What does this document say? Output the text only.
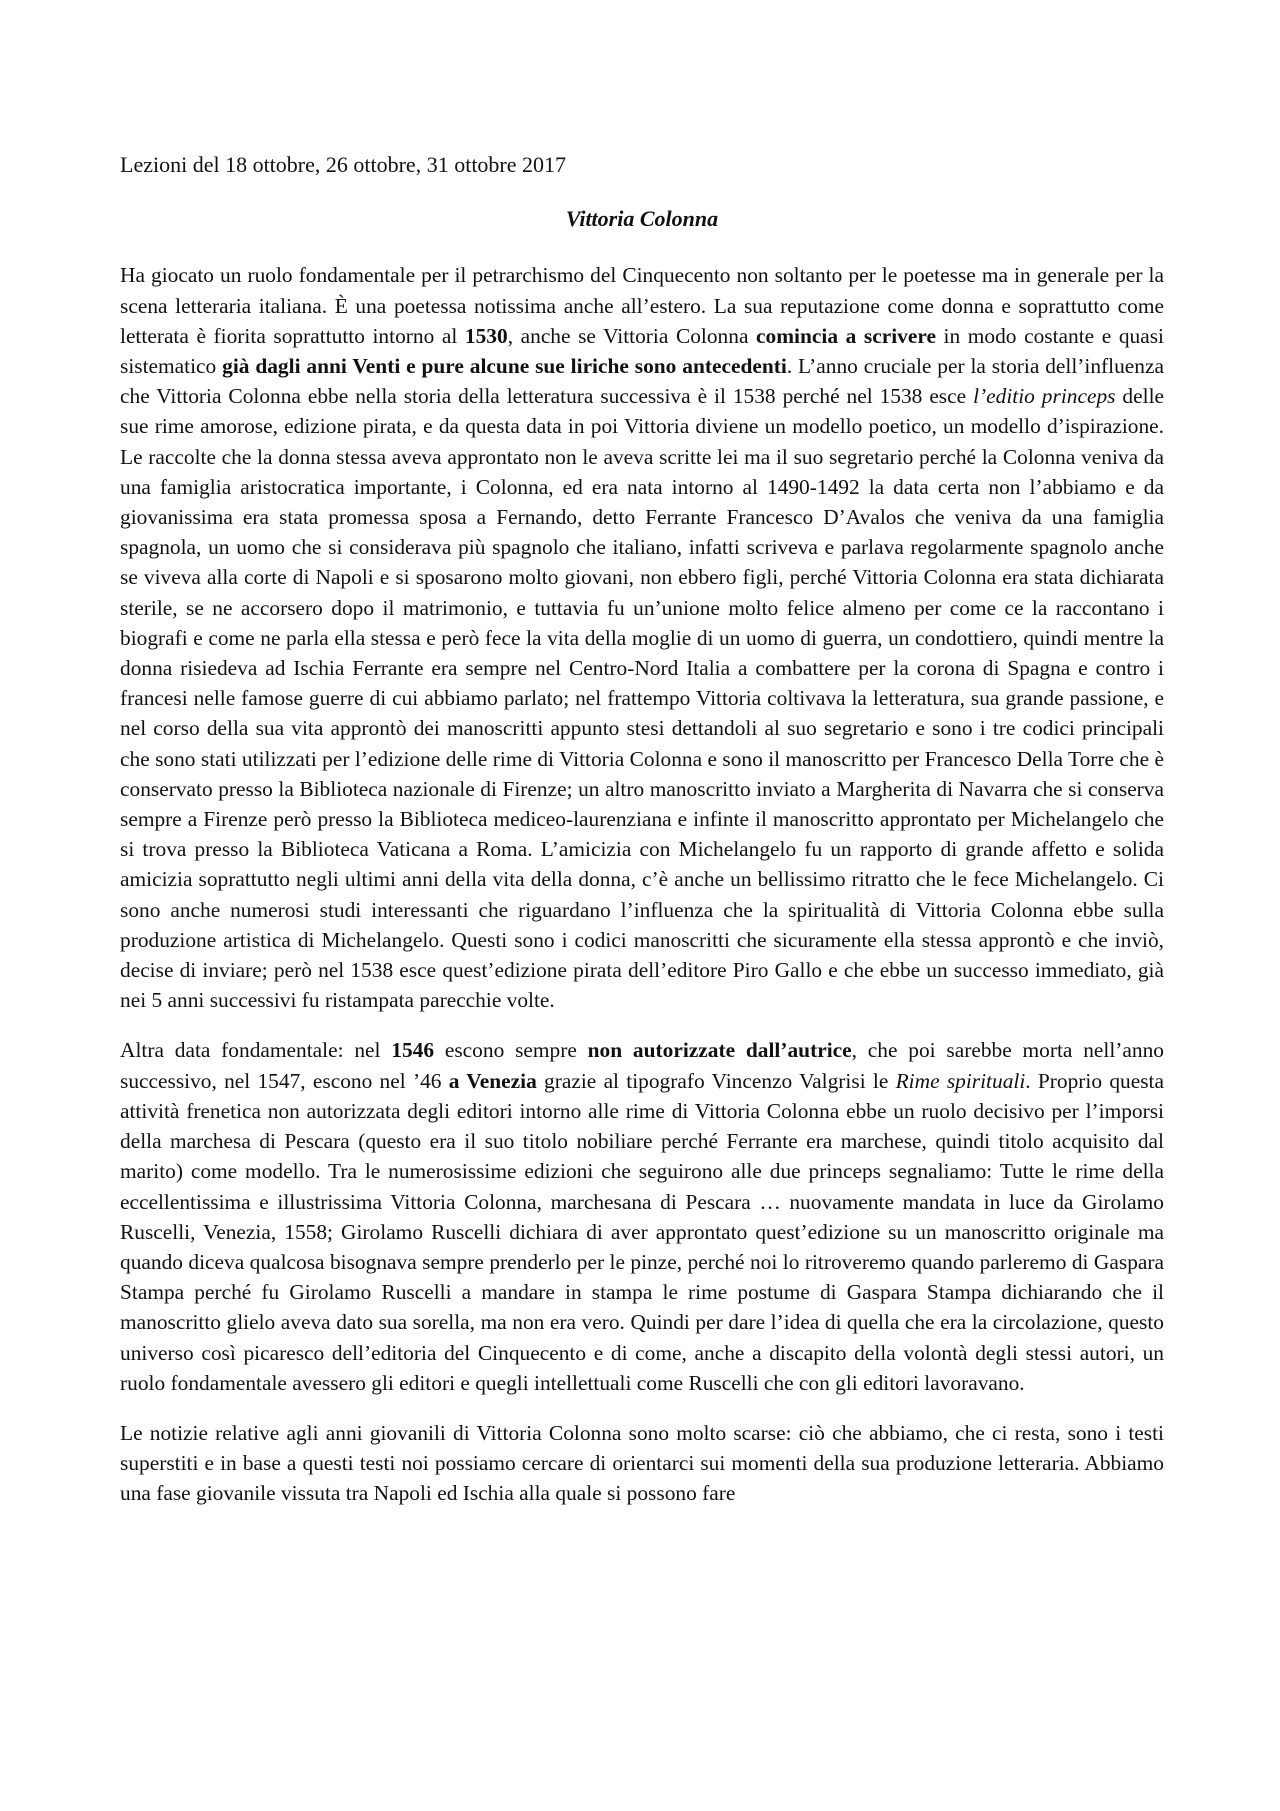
Lezioni del 18 ottobre, 26 ottobre, 31 ottobre 2017

Vittoria Colonna

Ha giocato un ruolo fondamentale per il petrarchismo del Cinquecento non soltanto per le poetesse ma in generale per la scena letteraria italiana. È una poetessa notissima anche all’estero. La sua reputazione come donna e soprattutto come letterata è fiorita soprattutto intorno al 1530, anche se Vittoria Colonna comincia a scrivere in modo costante e quasi sistematico già dagli anni Venti e pure alcune sue liriche sono antecedenti. L’anno cruciale per la storia dell’influenza che Vittoria Colonna ebbe nella storia della letteratura successiva è il 1538 perché nel 1538 esce l’editio princeps delle sue rime amorose, edizione pirata, e da questa data in poi Vittoria diviene un modello poetico, un modello d’ispirazione. Le raccolte che la donna stessa aveva approntato non le aveva scritte lei ma il suo segretario perché la Colonna veniva da una famiglia aristocratica importante, i Colonna, ed era nata intorno al 1490-1492 la data certa non l’abbiamo e da giovanissima era stata promessa sposa a Fernando, detto Ferrante Francesco D’Avalos che veniva da una famiglia spagnola, un uomo che si considerava più spagnolo che italiano, infatti scriveva e parlava regolarmente spagnolo anche se viveva alla corte di Napoli e si sposarono molto giovani, non ebbero figli, perché Vittoria Colonna era stata dichiarata sterile, se ne accorsero dopo il matrimonio, e tuttavia fu un’unione molto felice almeno per come ce la raccontano i biografi e come ne parla ella stessa e però fece la vita della moglie di un uomo di guerra, un condottiero, quindi mentre la donna risiedeva ad Ischia Ferrante era sempre nel Centro-Nord Italia a combattere per la corona di Spagna e contro i francesi nelle famose guerre di cui abbiamo parlato; nel frattempo Vittoria coltivava la letteratura, sua grande passione, e nel corso della sua vita approntò dei manoscritti appunto stesi dettandoli al suo segretario e sono i tre codici principali che sono stati utilizzati per l’edizione delle rime di Vittoria Colonna e sono il manoscritto per Francesco Della Torre che è conservato presso la Biblioteca nazionale di Firenze; un altro manoscritto inviato a Margherita di Navarra che si conserva sempre a Firenze però presso la Biblioteca mediceo-laurenziana e infinte il manoscritto approntato per Michelangelo che si trova presso la Biblioteca Vaticana a Roma. L’amicizia con Michelangelo fu un rapporto di grande affetto e solida amicizia soprattutto negli ultimi anni della vita della donna, c’è anche un bellissimo ritratto che le fece Michelangelo. Ci sono anche numerosi studi interessanti che riguardano l’influenza che la spiritualità di Vittoria Colonna ebbe sulla produzione artistica di Michelangelo. Questi sono i codici manoscritti che sicuramente ella stessa approntò e che inviò, decise di inviare; però nel 1538 esce quest’edizione pirata dell’editore Piro Gallo e che ebbe un successo immediato, già nei 5 anni successivi fu ristampata parecchie volte.

Altra data fondamentale: nel 1546 escono sempre non autorizzate dall’autrice, che poi sarebbe morta nell’anno successivo, nel 1547, escono nel ’46 a Venezia grazie al tipografo Vincenzo Valgrisi le Rime spirituali. Proprio questa attività frenetica non autorizzata degli editori intorno alle rime di Vittoria Colonna ebbe un ruolo decisivo per l’imporsi della marchesa di Pescara (questo era il suo titolo nobiliare perché Ferrante era marchese, quindi titolo acquisito dal marito) come modello. Tra le numerosissime edizioni che seguirono alle due princeps segnaliamo: Tutte le rime della eccellentissima e illustrissima Vittoria Colonna, marchesana di Pescara … nuovamente mandata in luce da Girolamo Ruscelli, Venezia, 1558; Girolamo Ruscelli dichiara di aver approntato quest’edizione su un manoscritto originale ma quando diceva qualcosa bisognava sempre prenderlo per le pinze, perché noi lo ritroveremo quando parleremo di Gaspara Stampa perché fu Girolamo Ruscelli a mandare in stampa le rime postume di Gaspara Stampa dichiarando che il manoscritto glielo aveva dato sua sorella, ma non era vero. Quindi per dare l’idea di quella che era la circolazione, questo universo così picaresco dell’editoria del Cinquecento e di come, anche a discapito della volontà degli stessi autori, un ruolo fondamentale avessero gli editori e quegli intellettuali come Ruscelli che con gli editori lavoravano.

Le notizie relative agli anni giovanili di Vittoria Colonna sono molto scarse: ciò che abbiamo, che ci resta, sono i testi superstiti e in base a questi testi noi possiamo cercare di orientarci sui momenti della sua produzione letteraria. Abbiamo una fase giovanile vissuta tra Napoli ed Ischia alla quale si possono fare
